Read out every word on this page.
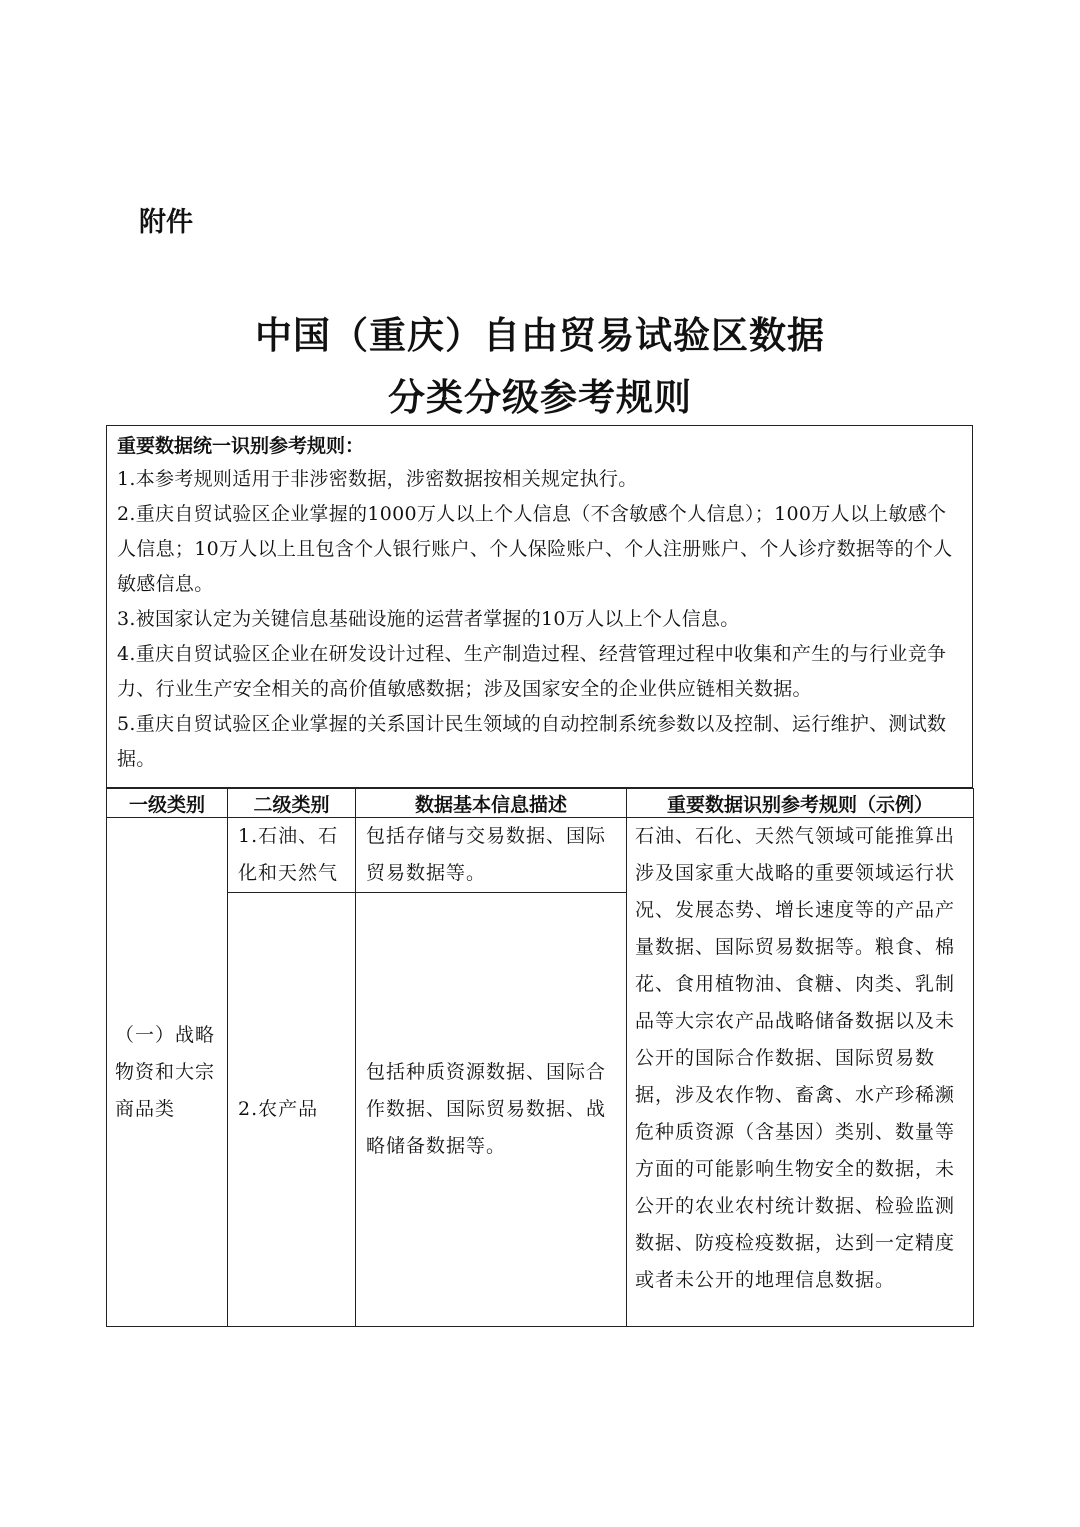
附件
中国（重庆）自由贸易试验区数据
分类分级参考规则
重要数据统一识别参考规则：
1.本参考规则适用于非涉密数据，涉密数据按相关规定执行。
2.重庆自贸试验区企业掌握的1000万人以上个人信息（不含敏感个人信息）；100万人以上敏感个人信息；10万人以上且包含个人银行账户、个人保险账户、个人注册账户、个人诊疗数据等的个人敏感信息。
3.被国家认定为关键信息基础设施的运营者掌握的10万人以上个人信息。
4.重庆自贸试验区企业在研发设计过程、生产制造过程、经营管理过程中收集和产生的与行业竞争力、行业生产安全相关的高价值敏感数据；涉及国家安全的企业供应链相关数据。
5.重庆自贸试验区企业掌握的关系国计民生领域的自动控制系统参数以及控制、运行维护、测试数据。
一级类别	二级类别	数据基本信息描述	重要数据识别参考规则（示例）
（一）战略物资和大宗商品类	1.石油、石化和天然气	包括存储与交易数据、国际贸易数据等。	石油、石化、天然气领域可能推算出涉及国家重大战略的重要领域运行状况、发展态势、增长速度等的产品产量数据、国际贸易数据等。粮食、棉花、食用植物油、食糖、肉类、乳制品等大宗农产品战略储备数据以及未公开的国际合作数据、国际贸易数据，涉及农作物、畜禽、水产珍稀濒危种质资源（含基因）类别、数量等方面的可能影响生物安全的数据，未公开的农业农村统计数据、检验监测数据、防疫检疫数据，达到一定精度或者未公开的地理信息数据。
	2.农产品	包括种质资源数据、国际合作数据、国际贸易数据、战略储备数据等。	
